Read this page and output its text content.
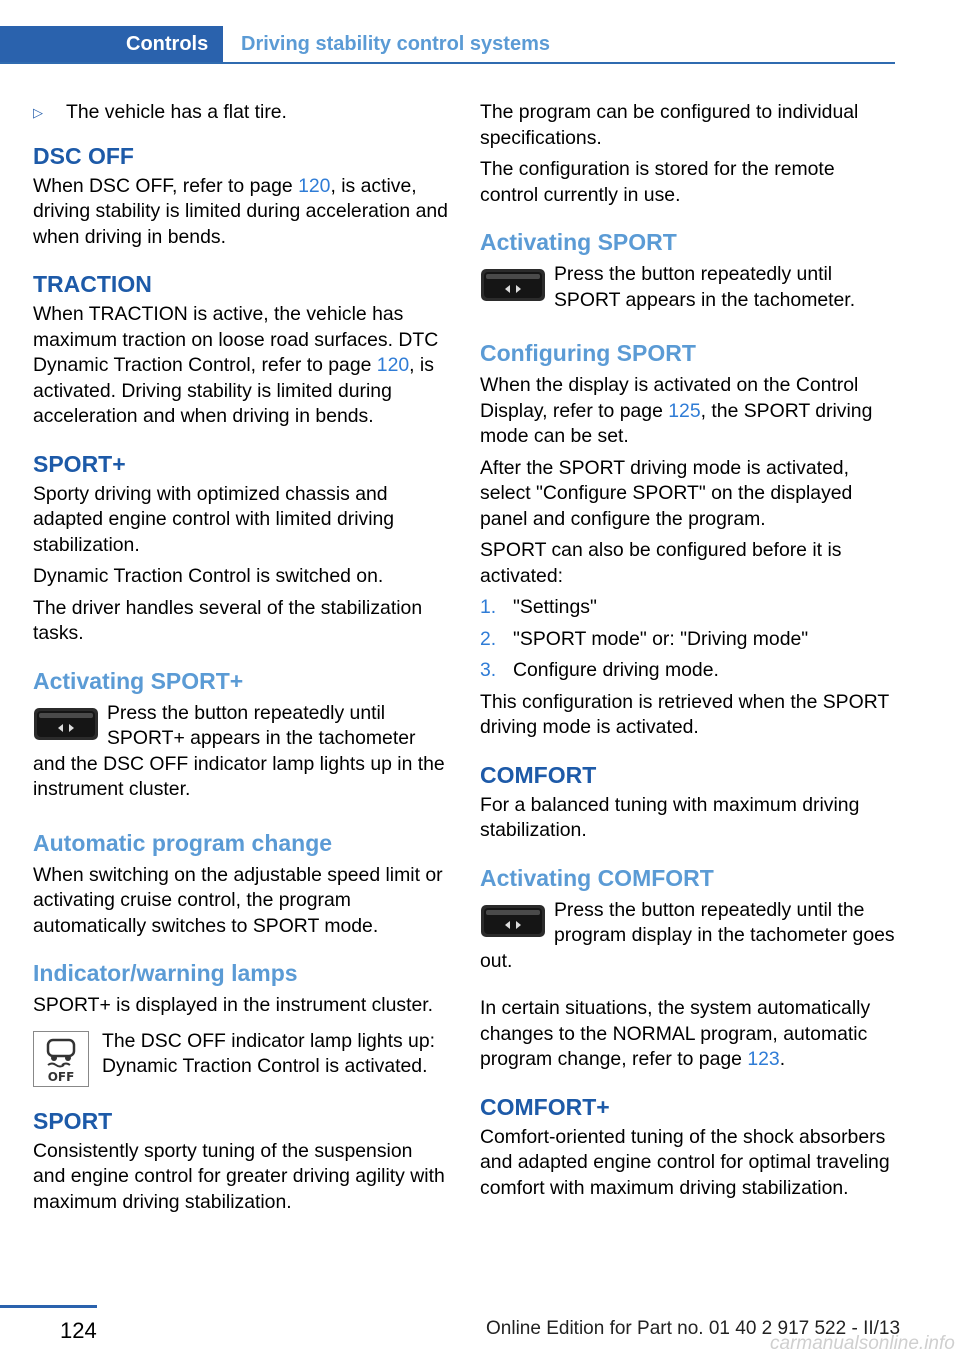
Controls Driving stability control systems
▷	The vehicle has a flat tire.
DSC OFF

When DSC OFF, refer to page 120, is active, driving stability is limited during acceleration and when driving in bends.

TRACTION

When TRACTION is active, the vehicle has maximum traction on loose road surfaces. DTC Dynamic Traction Control, refer to page 120, is activated. Driving stability is limited during acceleration and when driving in bends.

SPORT+

Sporty driving with optimized chassis and adapted engine control with limited driving stabilization.

Dynamic Traction Control is switched on.

The driver handles several of the stabilization tasks.

Activating SPORT+

Press the button repeatedly until SPORT+ appears in the tachometer and the DSC OFF indicator lamp lights up in the instrument cluster.

Automatic program change

When switching on the adjustable speed limit or activating cruise control, the program automatically switches to SPORT mode.

Indicator/warning lamps

SPORT+ is displayed in the instrument cluster.

OFF

The DSC OFF indicator lamp lights up: Dynamic Traction Control is activated.

SPORT

Consistently sporty tuning of the suspension and engine control for greater driving agility with maximum driving stabilization.

The program can be configured to individual specifications.

The configuration is stored for the remote control currently in use.

Activating SPORT

Press the button repeatedly until SPORT appears in the tachometer.

Configuring SPORT

When the display is activated on the Control Display, refer to page 125, the SPORT driving mode can be set.

After the SPORT driving mode is activated, select "Configure SPORT" on the displayed panel and configure the program.

SPORT can also be configured before it is activated:

1. "Settings"
2. "SPORT mode" or: "Driving mode"
3. Configure driving mode.

This configuration is retrieved when the SPORT driving mode is activated.

COMFORT

For a balanced tuning with maximum driving stabilization.

Activating COMFORT

Press the button repeatedly until the program display in the tachometer goes out.

In certain situations, the system automatically changes to the NORMAL program, automatic program change, refer to page 123.

COMFORT+

Comfort-oriented tuning of the shock absorbers and adapted engine control for optimal traveling comfort with maximum driving stabilization.

124	Online Edition for Part no. 01 40 2 917 522 - II/13
carmanualsonline.info
